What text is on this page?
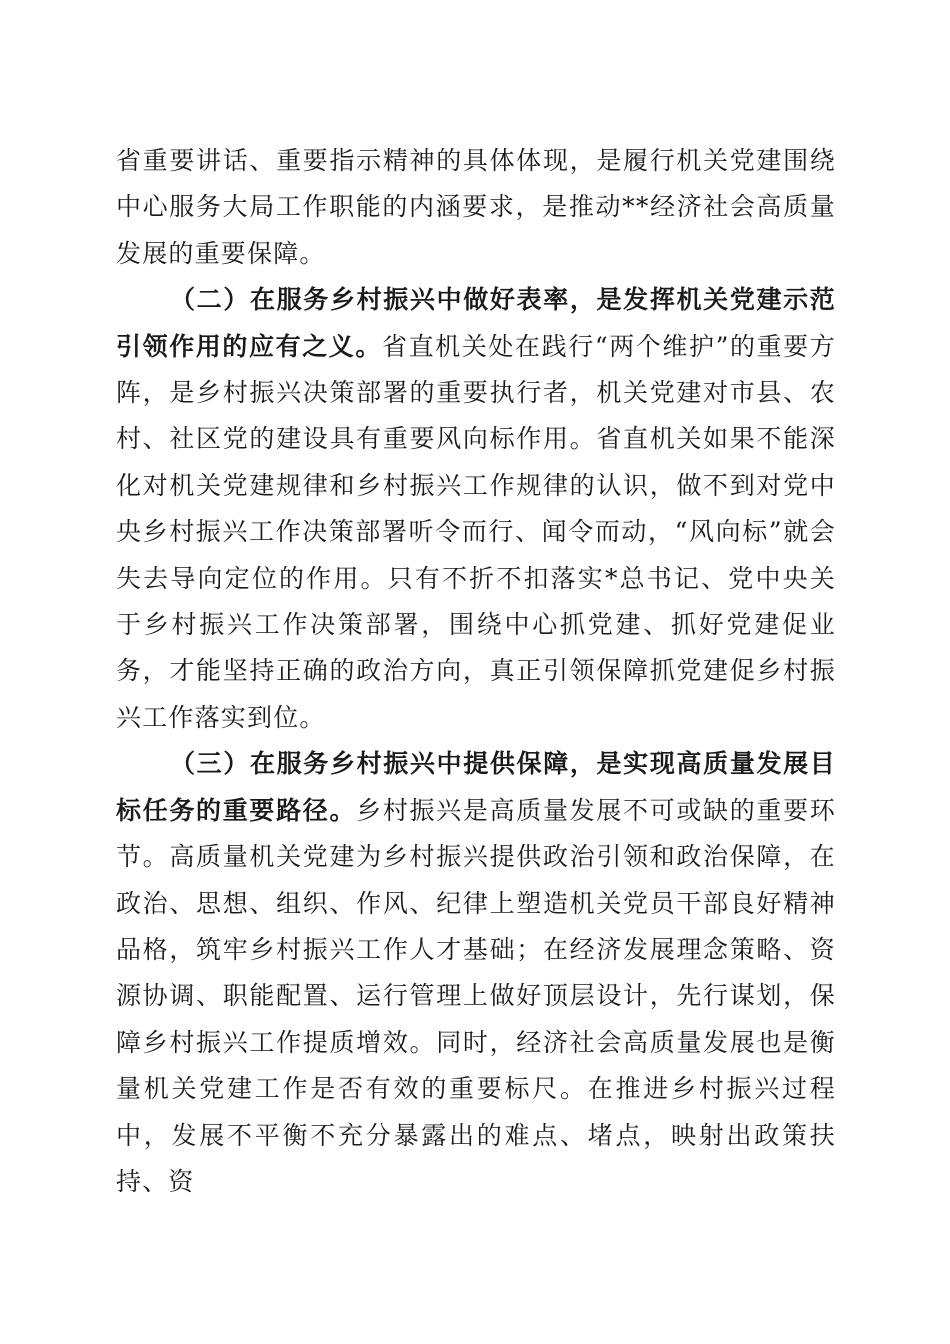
省重要讲话、重要指示精神的具体体现，是履行机关党建围绕中心服务大局工作职能的内涵要求，是推动**经济社会高质量发展的重要保障。

（二）在服务乡村振兴中做好表率，是发挥机关党建示范引领作用的应有之义。省直机关处在践行“两个维护”的重要方阵，是乡村振兴决策部署的重要执行者，机关党建对市县、农村、社区党的建设具有重要风向标作用。省直机关如果不能深化对机关党建规律和乡村振兴工作规律的认识，做不到对党中央乡村振兴工作决策部署听令而行、闻令而动，“风向标”就会失去导向定位的作用。只有不折不扣落实*总书记、党中央关于乡村振兴工作决策部署，围绕中心抓党建、抓好党建促业务，才能坚持正确的政治方向，真正引领保障抓党建促乡村振兴工作落实到位。

（三）在服务乡村振兴中提供保障，是实现高质量发展目标任务的重要路径。乡村振兴是高质量发展不可或缺的重要环节。高质量机关党建为乡村振兴提供政治引领和政治保障，在政治、思想、组织、作风、纪律上塑造机关党员干部良好精神品格，筑牢乡村振兴工作人才基础；在经济发展理念策略、资源协调、职能配置、运行管理上做好顶层设计，先行谋划，保障乡村振兴工作提质增效。同时，经济社会高质量发展也是衡量机关党建工作是否有效的重要标尺。在推进乡村振兴过程中，发展不平衡不充分暴露出的难点、堵点，映射出政策扶持、资
